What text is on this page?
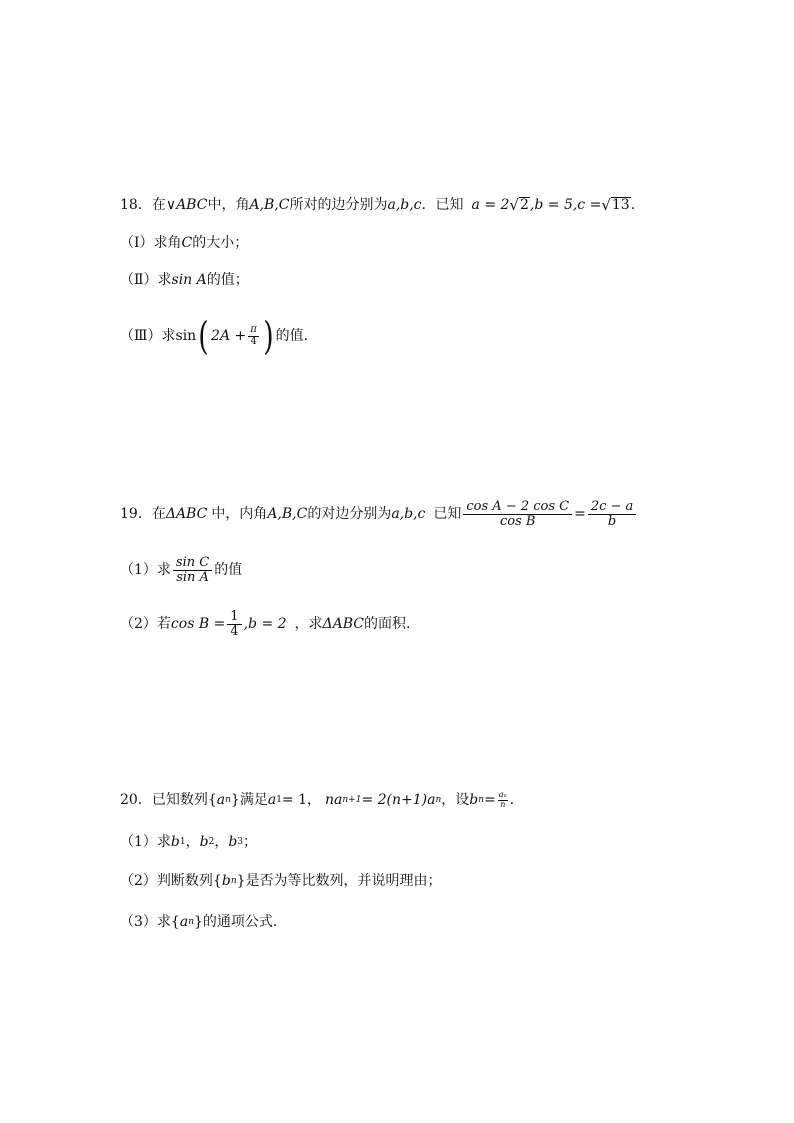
18． 在 ∨ABC 中，角 A,B,C 所对的边分别为 a,b,c ．已知 a = 2 √ 2 ,b = 5,c = √ 13 ．
（Ⅰ）求角 C 的大小；
（Ⅱ）求 sin A 的值；
（Ⅲ）求 sin ( $2A + \frac{\pi}{4}$ ) 的值．
19． 在 ΔABC 中，内角 A,B,C 的对边分别为 a,b,c 已知 $\frac{\text{cos A − 2 cos C}}{\text{cos B}} = \frac{2c - a}{b}$
（1）求 $\frac{\text{sin C}}{\text{sin A}}$ 的值
（2）若 $\cos B = \frac{1}{4} ,b = 2$ ，求 ΔABC 的面积.
20． 已知数列 { a n } 满足 a 1 = 1 ， na n+1 = 2(n+1)a n ，设 b $n = \frac{\text{aₙ}}{n}$ ．
（1）求 b 1 ， b 2 ， b 3 ；
（2）判断数列 { b n } 是否为等比数列，并说明理由；
（3）求 { a n } 的通项公式．
